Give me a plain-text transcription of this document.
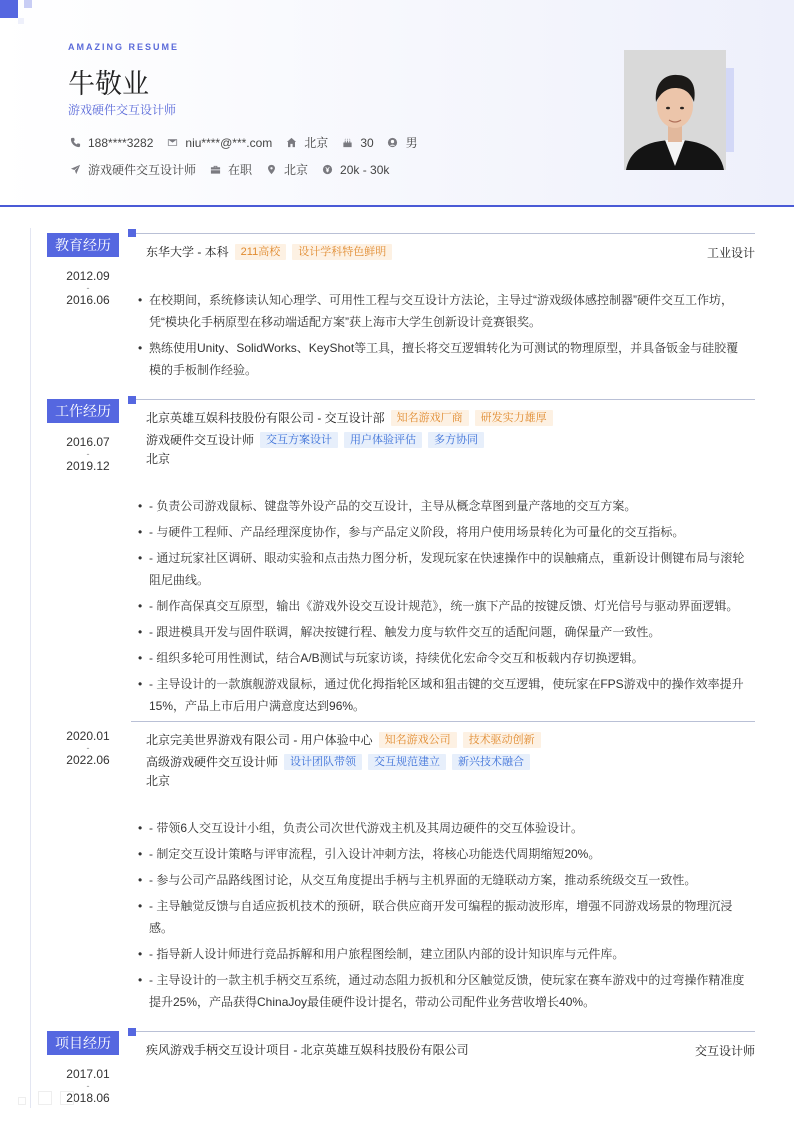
AMAZING RESUME
牛敬业
游戏硬件交互设计师
188****3282	niu****@***.com	北京	30	男
游戏硬件交互设计师	在职	北京	20k - 30k
教育经历
2012.09
-
2016.06
东华大学 - 本科	211高校	设计学科特色鲜明	工业设计
• 在校期间，系统修读认知心理学、可用性工程与交互设计方法论，主导过“游戏级体感控制器”硬件交互工作坊，凭“模块化手柄原型在移动端适配方案”获上海市大学生创新设计竞赛银奖。
• 熟练使用Unity、SolidWorks、KeyShot等工具，擅长将交互逻辑转化为可测试的物理原型，并具备钣金与硅胶覆模的手板制作经验。
工作经历
2016.07
-
2019.12
北京英雄互娱科技股份有限公司 - 交互设计部	知名游戏厂商	研发实力雄厚
游戏硬件交互设计师	交互方案设计	用户体验评估	多方协同
北京
• - 负责公司游戏鼠标、键盘等外设产品的交互设计，主导从概念草图到量产落地的交互方案。
• - 与硬件工程师、产品经理深度协作，参与产品定义阶段，将用户使用场景转化为可量化的交互指标。
• - 通过玩家社区调研、眼动实验和点击热力图分析，发现玩家在快速操作中的误触痛点，重新设计侧键布局与滚轮阻尼曲线。
• - 制作高保真交互原型，输出《游戏外设交互设计规范》，统一旗下产品的按键反馈、灯光信号与驱动界面逻辑。
• - 跟进模具开发与固件联调，解决按键行程、触发力度与软件交互的适配问题，确保量产一致性。
• - 组织多轮可用性测试，结合A/B测试与玩家访谈，持续优化宏命令交互和板载内存切换逻辑。
• - 主导设计的一款旗舰游戏鼠标，通过优化拇指轮区域和狙击键的交互逻辑，使玩家在FPS游戏中的操作效率提升15%，产品上市后用户满意度达到96%。
2020.01
-
2022.06
北京完美世界游戏有限公司 - 用户体验中心	知名游戏公司	技术驱动创新
高级游戏硬件交互设计师	设计团队带领	交互规范建立	新兴技术融合
北京
• - 带领6人交互设计小组，负责公司次世代游戏主机及其周边硬件的交互体验设计。
• - 制定交互设计策略与评审流程，引入设计冲刺方法，将核心功能迭代周期缩短20%。
• - 参与公司产品路线图讨论，从交互角度提出手柄与主机界面的无缝联动方案，推动系统级交互一致性。
• - 主导触觉反馈与自适应扳机技术的预研，联合供应商开发可编程的振动波形库，增强不同游戏场景的物理沉浸感。
• - 指导新人设计师进行竞品拆解和用户旅程图绘制，建立团队内部的设计知识库与元件库。
• - 主导设计的一款主机手柄交互系统，通过动态阻力扳机和分区触觉反馈，使玩家在赛车游戏中的过弯操作精准度提升25%，产品获得ChinaJoy最佳硬件设计提名，带动公司配件业务营收增长40%。
项目经历
2017.01
-
2018.06
疾风游戏手柄交互设计项目 - 北京英雄互娱科技股份有限公司	交互设计师
